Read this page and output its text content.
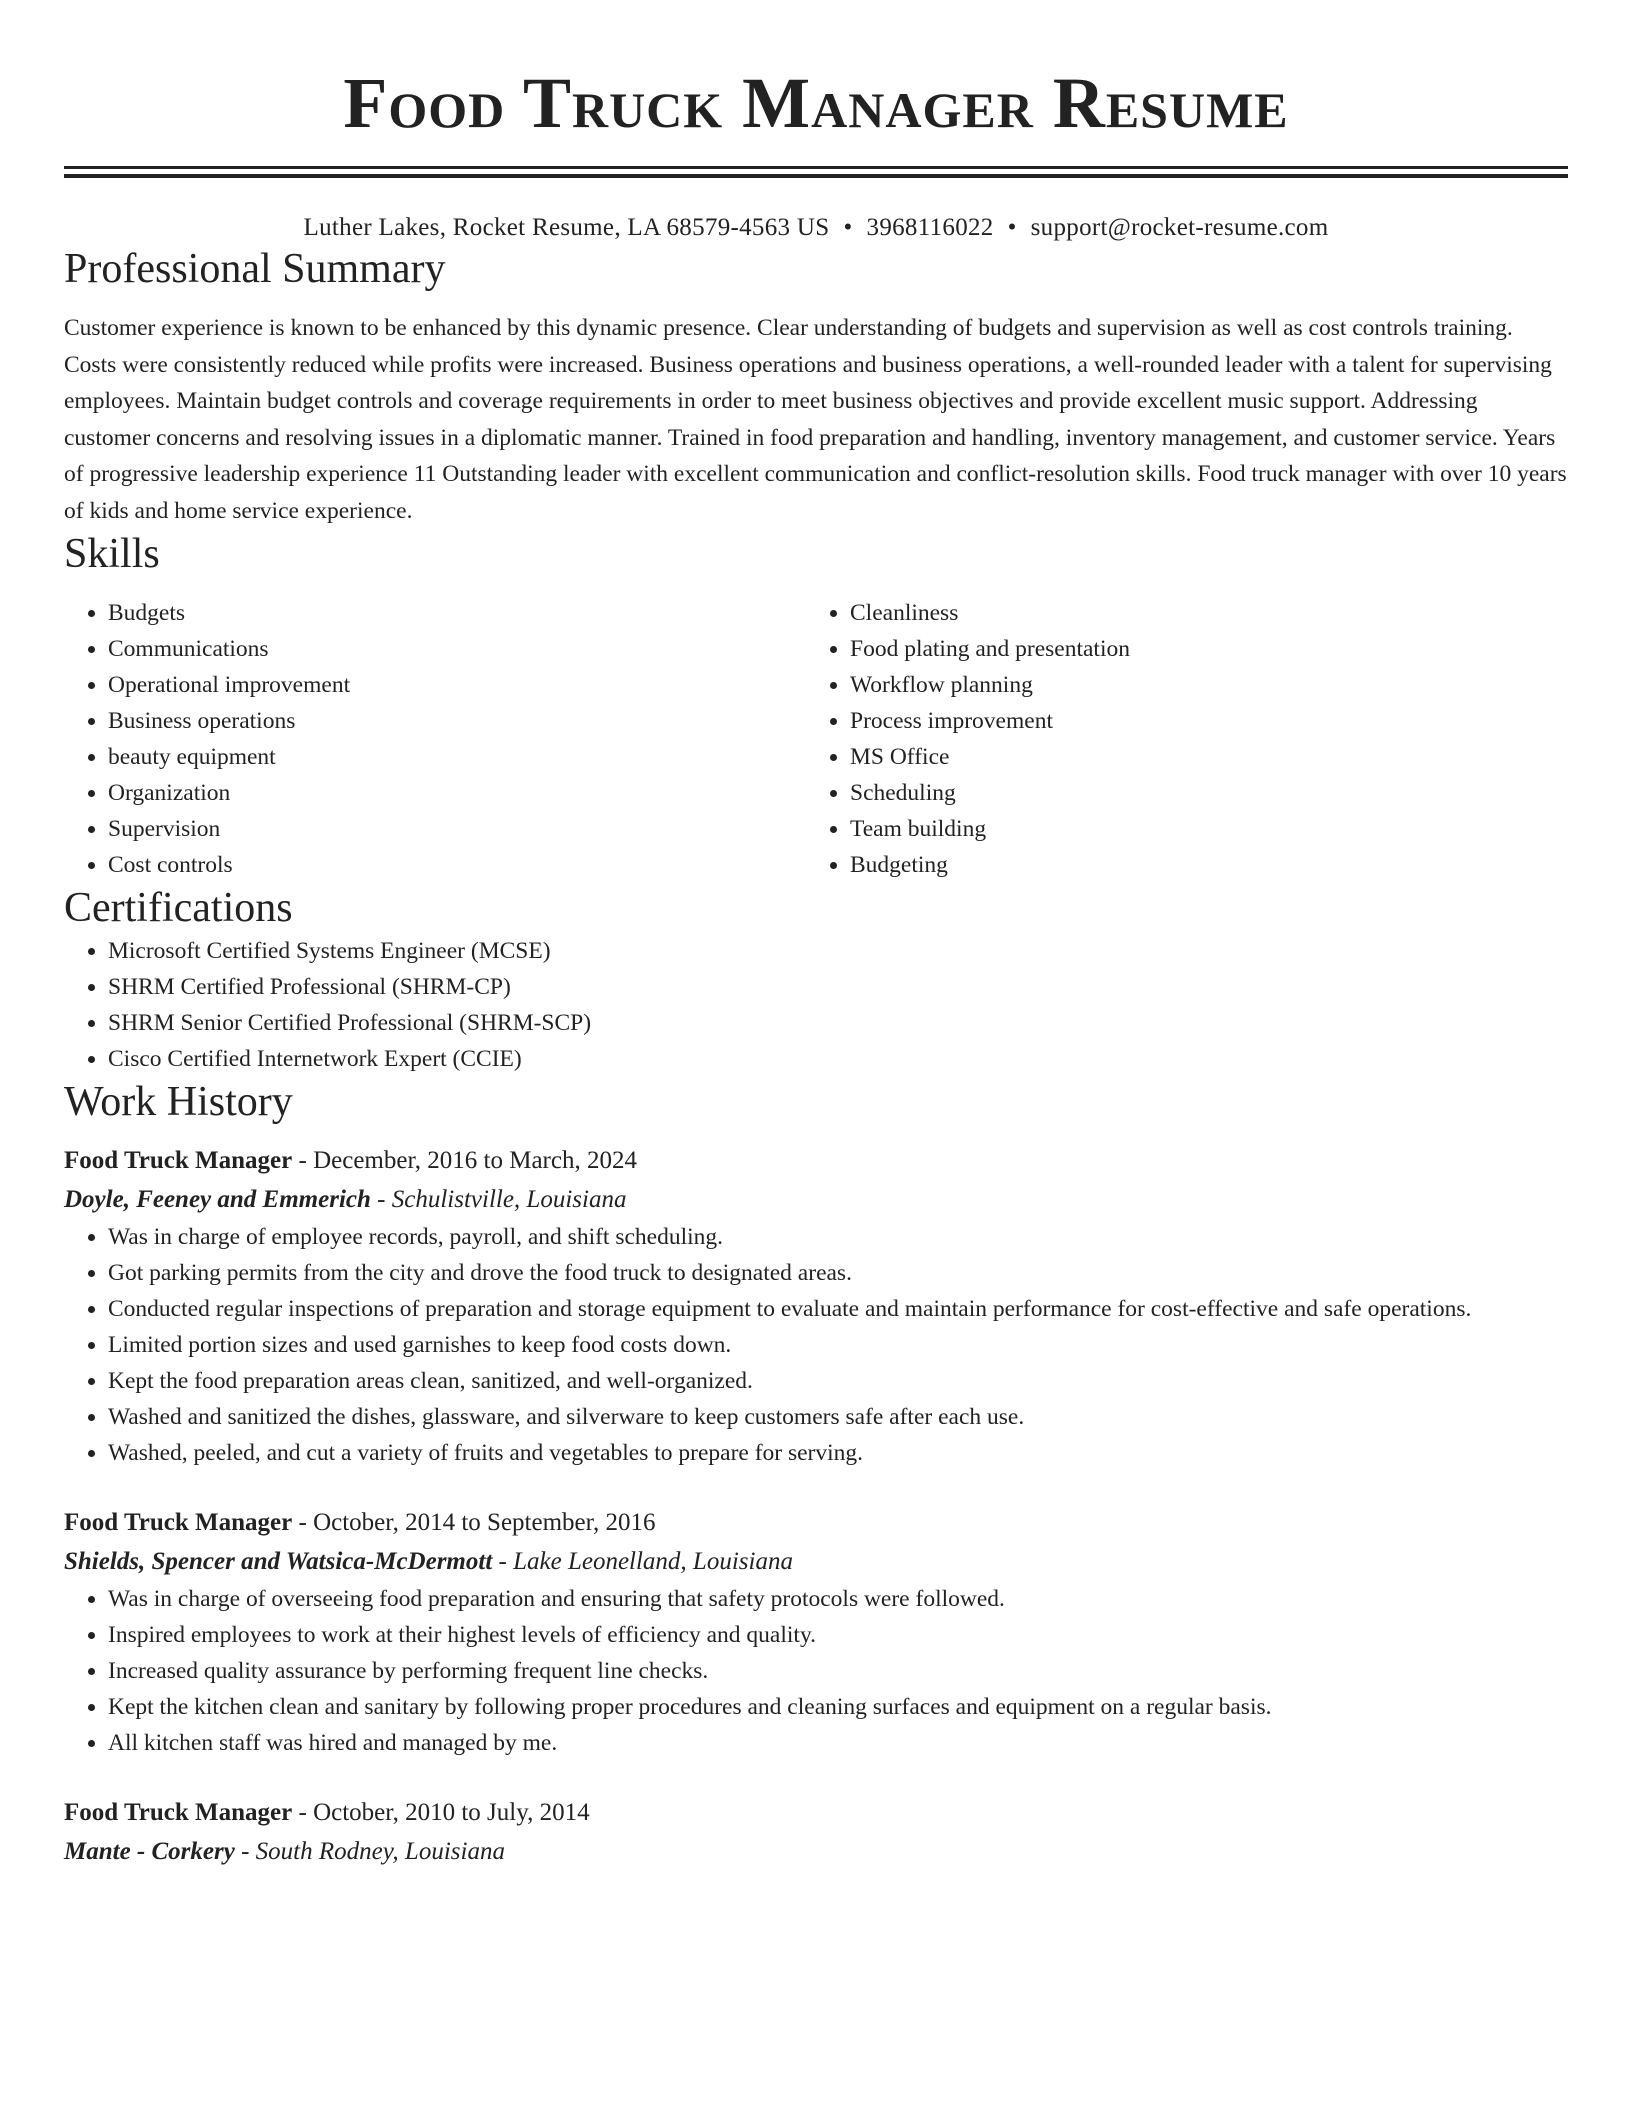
Food Truck Manager Resume
Luther Lakes, Rocket Resume, LA 68579-4563 US • 3968116022 • support@rocket-resume.com
Professional Summary

Customer experience is known to be enhanced by this dynamic presence. Clear understanding of budgets and supervision as well as cost controls training. Costs were consistently reduced while profits were increased. Business operations and business operations, a well-rounded leader with a talent for supervising employees. Maintain budget controls and coverage requirements in order to meet business objectives and provide excellent music support. Addressing customer concerns and resolving issues in a diplomatic manner. Trained in food preparation and handling, inventory management, and customer service. Years of progressive leadership experience 11 Outstanding leader with excellent communication and conflict-resolution skills. Food truck manager with over 10 years of kids and home service experience.

Skills
• Budgets
• Communications
• Operational improvement
• Business operations
• beauty equipment
• Organization
• Supervision
• Cost controls
• Cleanliness
• Food plating and presentation
• Workflow planning
• Process improvement
• MS Office
• Scheduling
• Team building
• Budgeting
Certifications
• Microsoft Certified Systems Engineer (MCSE)
• SHRM Certified Professional (SHRM-CP)
• SHRM Senior Certified Professional (SHRM-SCP)
• Cisco Certified Internetwork Expert (CCIE)
Work History
Food Truck Manager - December, 2016 to March, 2024
Doyle, Feeney and Emmerich - Schulistville, Louisiana
• Was in charge of employee records, payroll, and shift scheduling.
• Got parking permits from the city and drove the food truck to designated areas.
• Conducted regular inspections of preparation and storage equipment to evaluate and maintain performance for cost-effective and safe operations.
• Limited portion sizes and used garnishes to keep food costs down.
• Kept the food preparation areas clean, sanitized, and well-organized.
• Washed and sanitized the dishes, glassware, and silverware to keep customers safe after each use.
• Washed, peeled, and cut a variety of fruits and vegetables to prepare for serving.
Food Truck Manager - October, 2014 to September, 2016
Shields, Spencer and Watsica-McDermott - Lake Leonelland, Louisiana
• Was in charge of overseeing food preparation and ensuring that safety protocols were followed.
• Inspired employees to work at their highest levels of efficiency and quality.
• Increased quality assurance by performing frequent line checks.
• Kept the kitchen clean and sanitary by following proper procedures and cleaning surfaces and equipment on a regular basis.
• All kitchen staff was hired and managed by me.
Food Truck Manager - October, 2010 to July, 2014
Mante - Corkery - South Rodney, Louisiana
